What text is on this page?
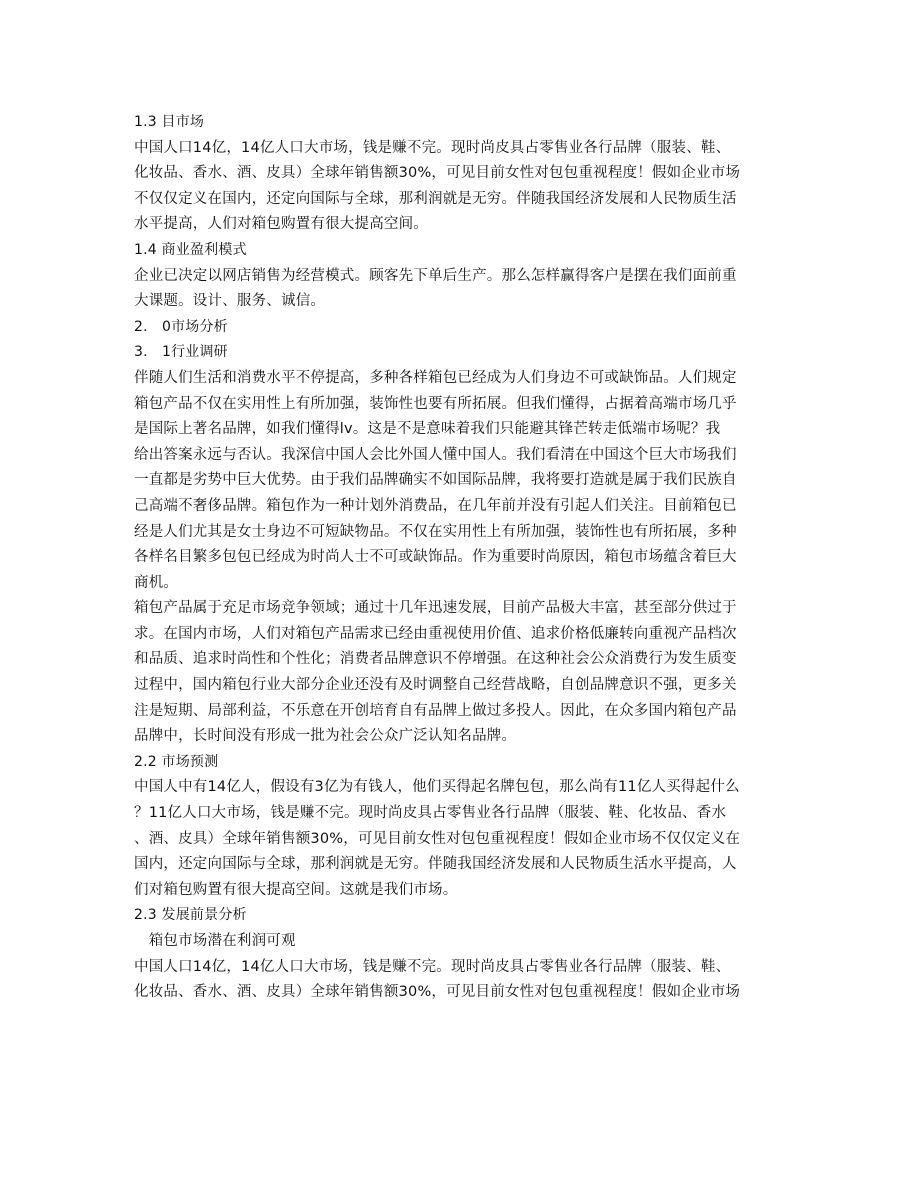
1.3 目市场
中国人口14亿，14亿人口大市场，钱是赚不完。现时尚皮具占零售业各行品牌（服装、鞋、
化妆品、香水、酒、皮具）全球年销售额30%，可见目前女性对包包重视程度！假如企业市场
不仅仅定义在国内，还定向国际与全球，那利润就是无穷。伴随我国经济发展和人民物质生活
水平提高，人们对箱包购置有很大提高空间。
1.4 商业盈利模式
企业已决定以网店销售为经营模式。顾客先下单后生产。那么怎样赢得客户是摆在我们面前重
大课题。设计、服务、诚信。
2.　0市场分析
3.　1行业调研
伴随人们生活和消费水平不停提高，多种各样箱包已经成为人们身边不可或缺饰品。人们规定
箱包产品不仅在实用性上有所加强，装饰性也要有所拓展。但我们懂得，占据着高端市场几乎
是国际上著名品牌，如我们懂得lv。这是不是意味着我们只能避其锋芒转走低端市场呢？我
给出答案永远与否认。我深信中国人会比外国人懂中国人。我们看清在中国这个巨大市场我们
一直都是劣势中巨大优势。由于我们品牌确实不如国际品牌，我将要打造就是属于我们民族自
己高端不奢侈品牌。箱包作为一种计划外消费品，在几年前并没有引起人们关注。目前箱包已
经是人们尤其是女士身边不可短缺物品。不仅在实用性上有所加强，装饰性也有所拓展，多种
各样名目繁多包包已经成为时尚人士不可或缺饰品。作为重要时尚原因，箱包市场蕴含着巨大
商机。
箱包产品属于充足市场竞争领域；通过十几年迅速发展，目前产品极大丰富，甚至部分供过于
求。在国内市场，人们对箱包产品需求已经由重视使用价值、追求价格低廉转向重视产品档次
和品质、追求时尚性和个性化；消费者品牌意识不停增强。在这种社会公众消费行为发生质变
过程中，国内箱包行业大部分企业还没有及时调整自己经营战略，自创品牌意识不强，更多关
注是短期、局部利益，不乐意在开创培育自有品牌上做过多投人。因此，在众多国内箱包产品
品牌中，长时间没有形成一批为社会公众广泛认知名品牌。
2.2 市场预测
中国人中有14亿人，假设有3亿为有钱人，他们买得起名牌包包，那么尚有11亿人买得起什么
？11亿人口大市场，钱是赚不完。现时尚皮具占零售业各行品牌（服装、鞋、化妆品、香水
、酒、皮具）全球年销售额30%，可见目前女性对包包重视程度！假如企业市场不仅仅定义在
国内，还定向国际与全球，那利润就是无穷。伴随我国经济发展和人民物质生活水平提高，人
们对箱包购置有很大提高空间。这就是我们市场。
2.3 发展前景分析
　箱包市场潜在利润可观
中国人口14亿，14亿人口大市场，钱是赚不完。现时尚皮具占零售业各行品牌（服装、鞋、
化妆品、香水、酒、皮具）全球年销售额30%，可见目前女性对包包重视程度！假如企业市场
